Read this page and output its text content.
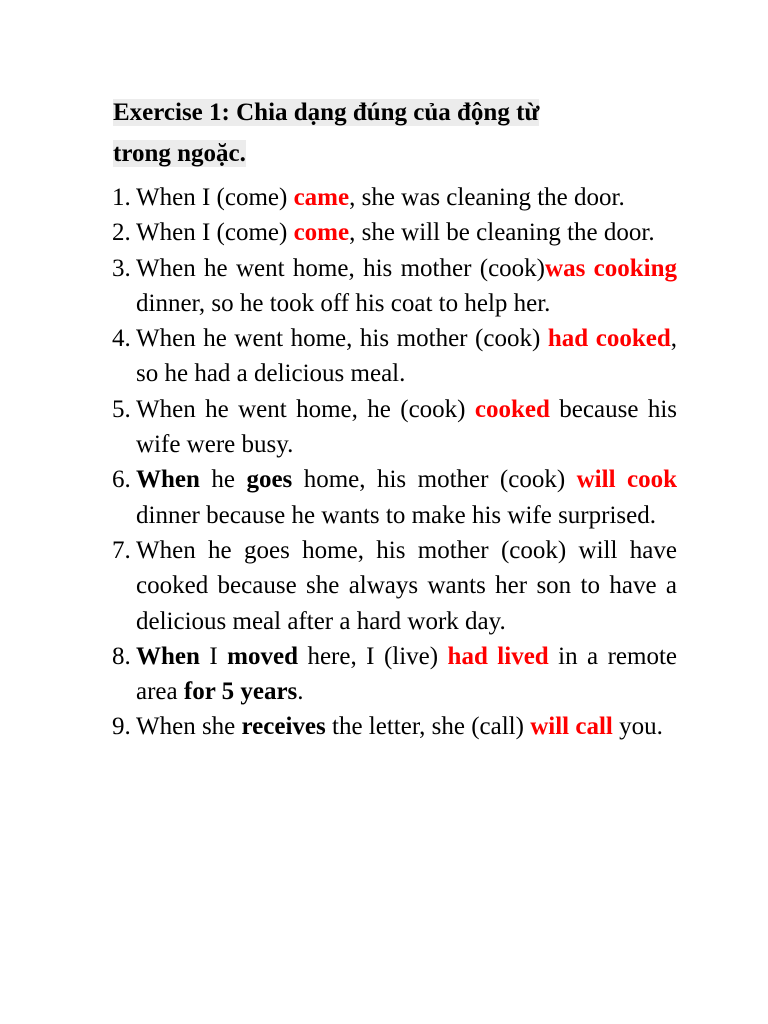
Exercise 1: Chia dạng đúng của động từ
trong ngoặc.
1. When I (come) came, she was cleaning the door.
2. When I (come) come, she will be cleaning the door.
3. When he went home, his mother (cook)was cooking dinner, so he took off his coat to help her.
4. When he went home, his mother (cook) had cooked, so he had a delicious meal.
5. When he went home, he (cook) cooked because his wife were busy.
6. When he goes home, his mother (cook) will cook dinner because he wants to make his wife surprised.
7. When he goes home, his mother (cook) will have cooked because she always wants her son to have a delicious meal after a hard work day.
8. When I moved here, I (live) had lived in a remote area for 5 years.
9. When she receives the letter, she (call) will call you.
